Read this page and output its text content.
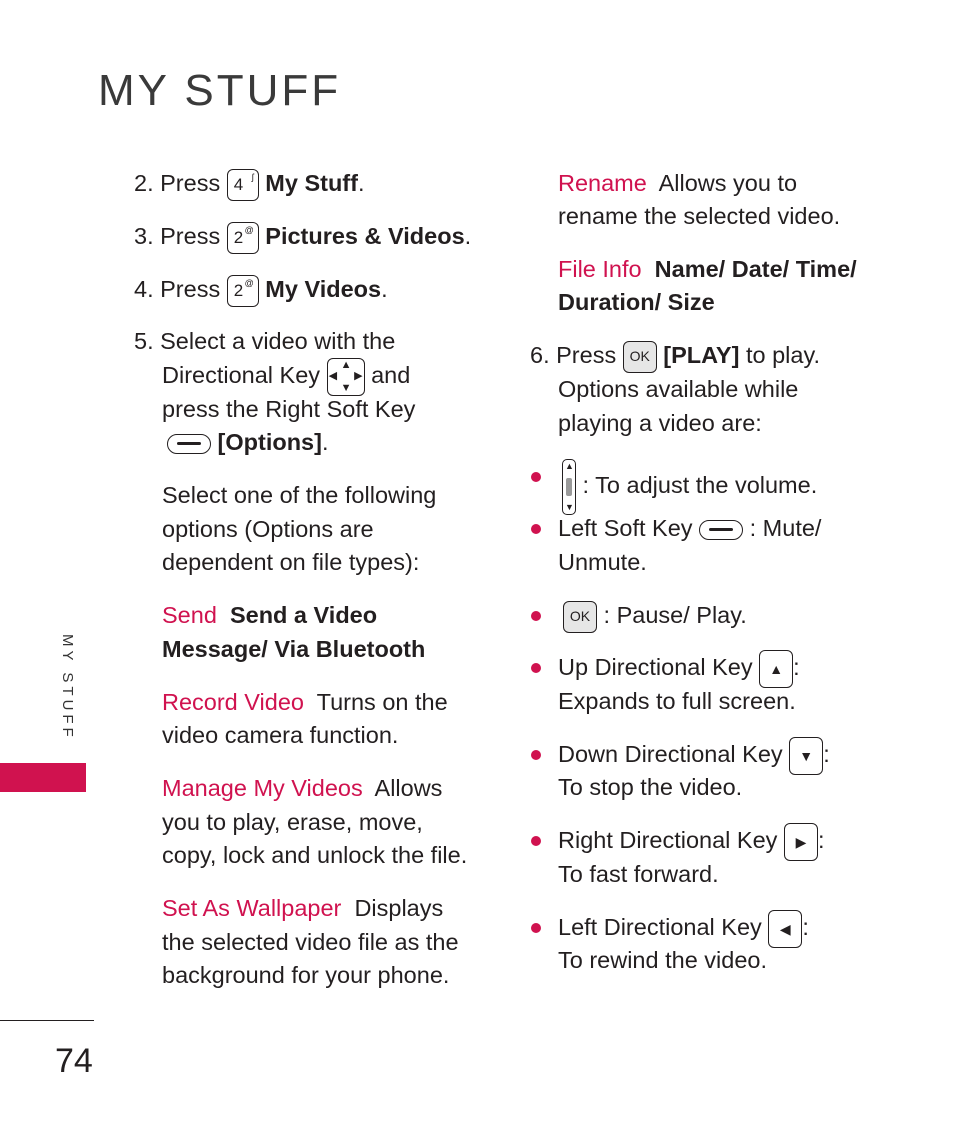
MY STUFF
MY STUFF
74
2. Press 4 ʃ My Stuff.
3. Press 2 @ Pictures & Videos.
4. Press 2 @ My Videos.
5. Select a video with the
Directional Key ▲
▼
◀ ▶ and
press the Right Soft Key
[Options].
Select one of the following
options (Options are
dependent on file types):
Send Send a Video
Message/ Via Bluetooth
Record Video Turns on the
video camera function.
Manage My Videos Allows
you to play, erase, move,
copy, lock and unlock the file.
Set As Wallpaper Displays
the selected video file as the
background for your phone.
Rename Allows you to
rename the selected video.
File Info Name/ Date/ Time/
Duration/ Size
6. Press OK [PLAY] to play.
Options available while
playing a video are:
▲
▼
: To adjust the volume.
Left Soft Key : Mute/
Unmute.
OK : Pause/ Play.
Up Directional Key ▲ :
Expands to full screen.
Down Directional Key ▼ :
To stop the video.
Right Directional Key ▶ :
To fast forward.
Left Directional Key ◀ :
To rewind the video.
